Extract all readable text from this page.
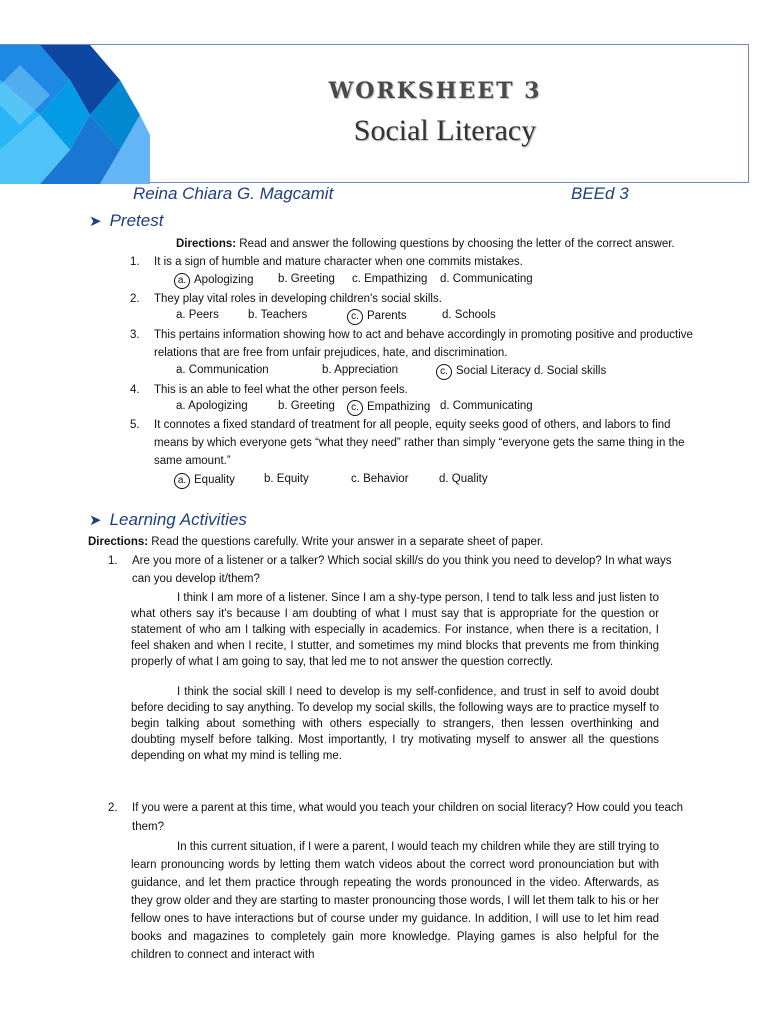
WORKSHEET 3
Social Literacy
Reina Chiara G. Magcamit	BEEd 3
➤ Pretest
Directions: Read and answer the following questions by choosing the letter of the correct answer.
1. It is a sign of humble and mature character when one commits mistakes.
a. Apologizing b. Greeting c. Empathizing d. Communicating
2. They play vital roles in developing children's social skills.
a. Peers	b. Teachers	c. Parents	d. Schools
3. This pertains information showing how to act and behave accordingly in promoting positive and productive
relations that are free from unfair prejudices, hate, and discrimination.
a. Communication	b. Appreciation	c. Social Literacy d. Social skills
4. This is an able to feel what the other person feels.
a. Apologizing	b. Greeting	c. Empathizing d. Communicating
5. It connotes a fixed standard of treatment for all people, equity seeks good of others, and labors to find
means by which everyone gets “what they need” rather than simply “everyone gets the same thing in the
same amount.”
a. Equality	b. Equity	c. Behavior	d. Quality
➤ Learning Activities
Directions: Read the questions carefully. Write your answer in a separate sheet of paper.
1. Are you more of a listener or a talker? Which social skill/s do you think you need to develop? In what ways
can you develop it/them?
I think I am more of a listener. Since I am a shy-type person, I tend to talk less and just listen to what others say it's because I am doubting of what I must say that is appropriate for the question or statement of who am I talking with especially in academics. For instance, when there is a recitation, I feel shaken and when I recite, I stutter, and sometimes my mind blocks that prevents me from thinking properly of what I am going to say, that led me to not answer the question correctly.
I think the social skill I need to develop is my self-confidence, and trust in self to avoid doubt before deciding to say anything. To develop my social skills, the following ways are to practice myself to begin talking about something with others especially to strangers, then lessen overthinking and doubting myself before talking. Most importantly, I try motivating myself to answer all the questions depending on what my mind is telling me.
2. If you were a parent at this time, what would you teach your children on social literacy? How could you teach
them?
In this current situation, if I were a parent, I would teach my children while they are still trying to learn pronouncing words by letting them watch videos about the correct word pronounciation but with guidance, and let them practice through repeating the words pronounced in the video. Afterwards, as they grow older and they are starting to master pronouncing those words, I will let them talk to his or her fellow ones to have interactions but of course under my guidance. In addition, I will use to let him read books and magazines to completely gain more knowledge. Playing games is also helpful for the children to connect and interact with
